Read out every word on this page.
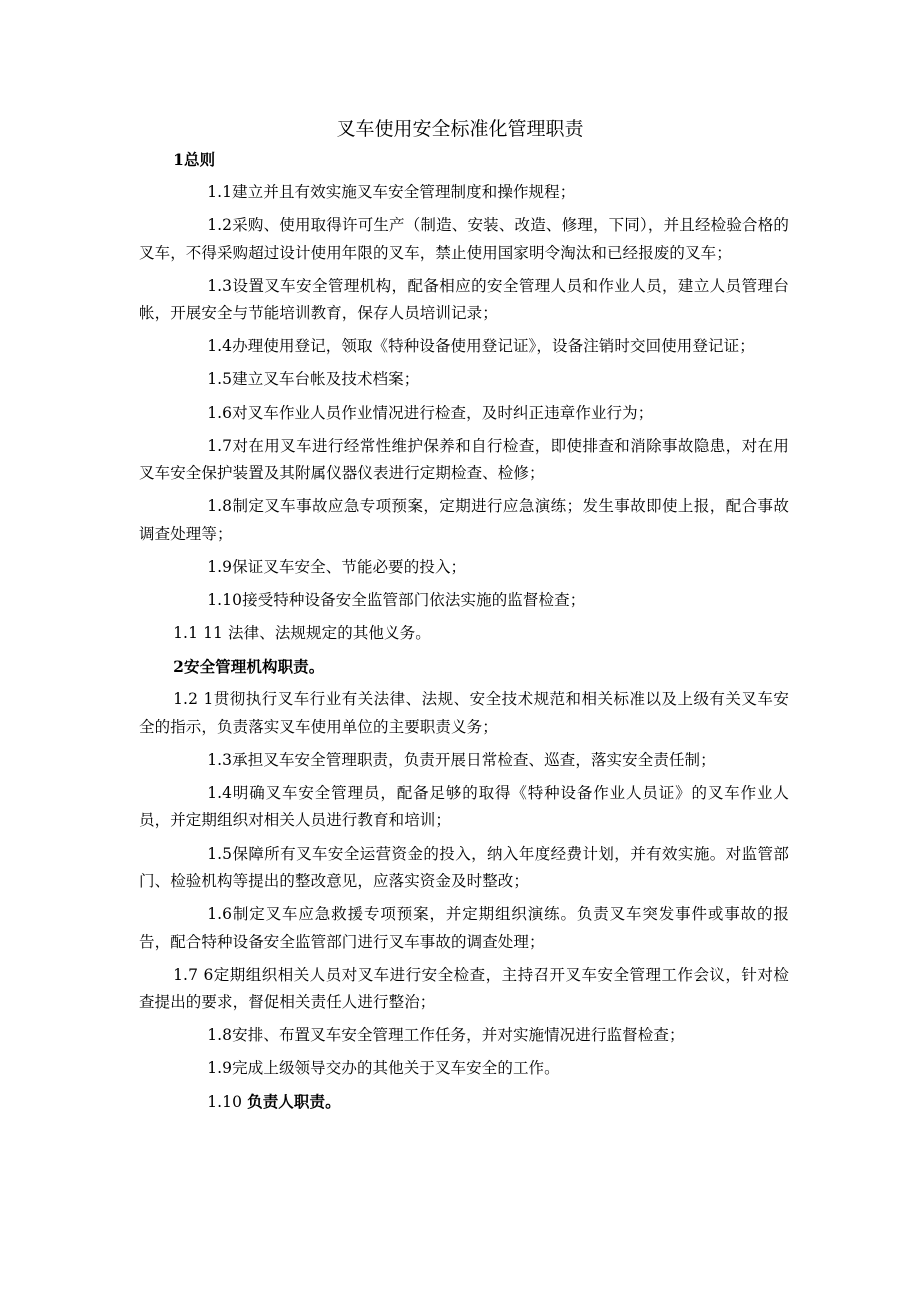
叉车使用安全标准化管理职责

1总则

1.1建立并且有效实施叉车安全管理制度和操作规程；

1.2采购、使用取得许可生产（制造、安装、改造、修理，下同），并且经检验合格的叉车，不得采购超过设计使用年限的叉车，禁止使用国家明令淘汰和已经报废的叉车；

1.3设置叉车安全管理机构，配备相应的安全管理人员和作业人员，建立人员管理台帐，开展安全与节能培训教育，保存人员培训记录；

1.4办理使用登记，领取《特种设备使用登记证》，设备注销时交回使用登记证；

1.5建立叉车台帐及技术档案；

1.6对叉车作业人员作业情况进行检查，及时纠正违章作业行为；

1.7对在用叉车进行经常性维护保养和自行检查，即使排查和消除事故隐患，对在用叉车安全保护装置及其附属仪器仪表进行定期检查、检修；

1.8制定叉车事故应急专项预案，定期进行应急演练；发生事故即使上报，配合事故调查处理等；

1.9保证叉车安全、节能必要的投入；

1.10接受特种设备安全监管部门依法实施的监督检查；

1.1 11 法律、法规规定的其他义务。

2安全管理机构职责。

1.2 1贯彻执行叉车行业有关法律、法规、安全技术规范和相关标准以及上级有关叉车安全的指示，负责落实叉车使用单位的主要职责义务；

1.3承担叉车安全管理职责，负责开展日常检查、巡查，落实安全责任制；

1.4明确叉车安全管理员，配备足够的取得《特种设备作业人员证》的叉车作业人员，并定期组织对相关人员进行教育和培训；

1.5保障所有叉车安全运营资金的投入，纳入年度经费计划，并有效实施。对监管部门、检验机构等提出的整改意见，应落实资金及时整改；

1.6制定叉车应急救援专项预案，并定期组织演练。负责叉车突发事件或事故的报告，配合特种设备安全监管部门进行叉车事故的调查处理；

1.7 6定期组织相关人员对叉车进行安全检查，主持召开叉车安全管理工作会议，针对检查提出的要求，督促相关责任人进行整治；

1.8安排、布置叉车安全管理工作任务，并对实施情况进行监督检查；

1.9完成上级领导交办的其他关于叉车安全的工作。

1.10 负责人职责。
